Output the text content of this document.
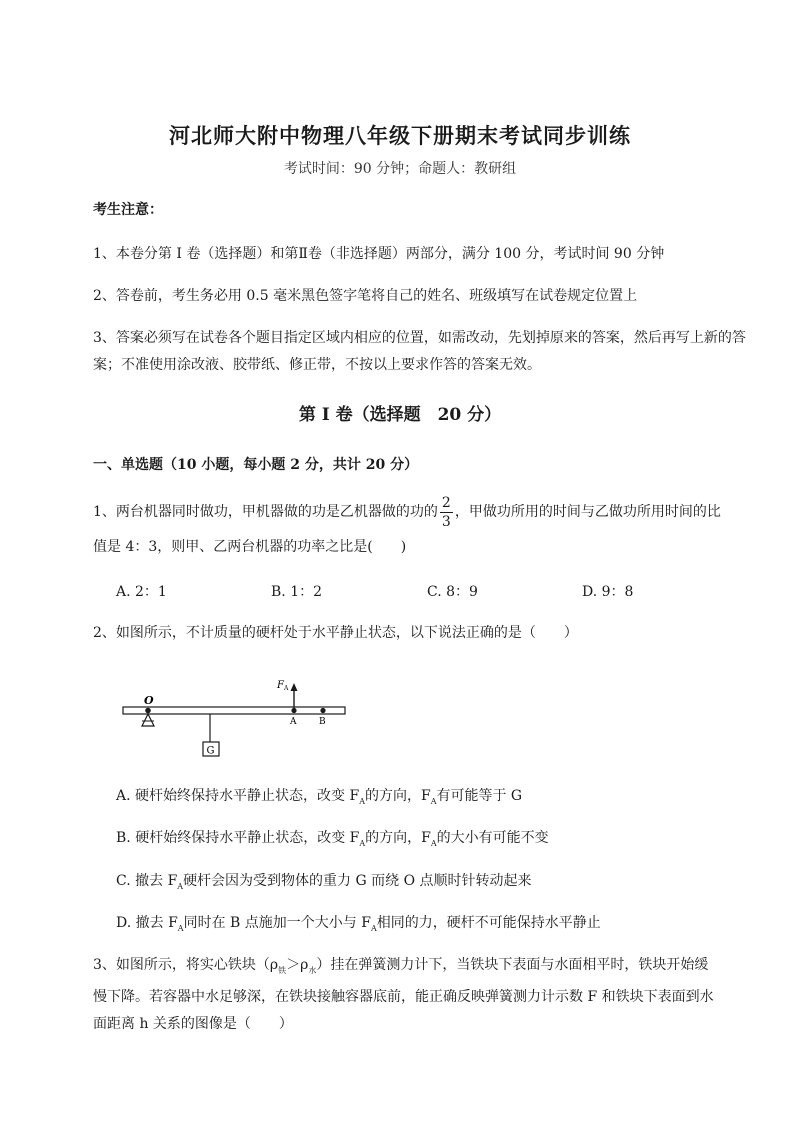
河北师大附中物理八年级下册期末考试同步训练
考试时间：90 分钟；命题人：教研组
考生注意：
1、本卷分第 I 卷（选择题）和第Ⅱ卷（非选择题）两部分，满分 100 分，考试时间 90 分钟
2、答卷前，考生务必用 0.5 毫米黑色签字笔将自己的姓名、班级填写在试卷规定位置上
3、答案必须写在试卷各个题目指定区域内相应的位置，如需改动，先划掉原来的答案，然后再写上新的答案；不准使用涂改液、胶带纸、修正带，不按以上要求作答的答案无效。
第 I 卷（选择题　20 分）
一、单选题（10 小题，每小题 2 分，共计 20 分）
1、两台机器同时做功，甲机器做的功是乙机器做的功的 $\frac{2}{3}$ ，甲做功所用的时间与乙做功所用时间的比
值是 4：3，则甲、乙两台机器的功率之比是(　　)
A. 2：1	B. 1：2	C. 8：9	D. 9：8
2、如图所示，不计质量的硬杆处于水平静止状态，以下说法正确的是（　　）
O
G
F A
A	B
A. 硬杆始终保持水平静止状态，改变 $F_A$的方向，$F_A$有可能等于 G
B. 硬杆始终保持水平静止状态，改变 $F_A$的方向，$F_A$的大小有可能不变
C. 撤去 $F_A$硬杆会因为受到物体的重力 G 而绕 O 点顺时针转动起来
D. 撤去 $F_A$同时在 B 点施加一个大小与 $F_A$相同的力，硬杆不可能保持水平静止
3、如图所示，将实心铁块$(\rho_铁>\rho_水)$挂在弹簧测力计下，当铁块下表面与水面相平时，铁块开始缓
慢下降。若容器中水足够深，在铁块接触容器底前，能正确反映弹簧测力计示数 F 和铁块下表面到水
面距离 h 关系的图像是（　　）
